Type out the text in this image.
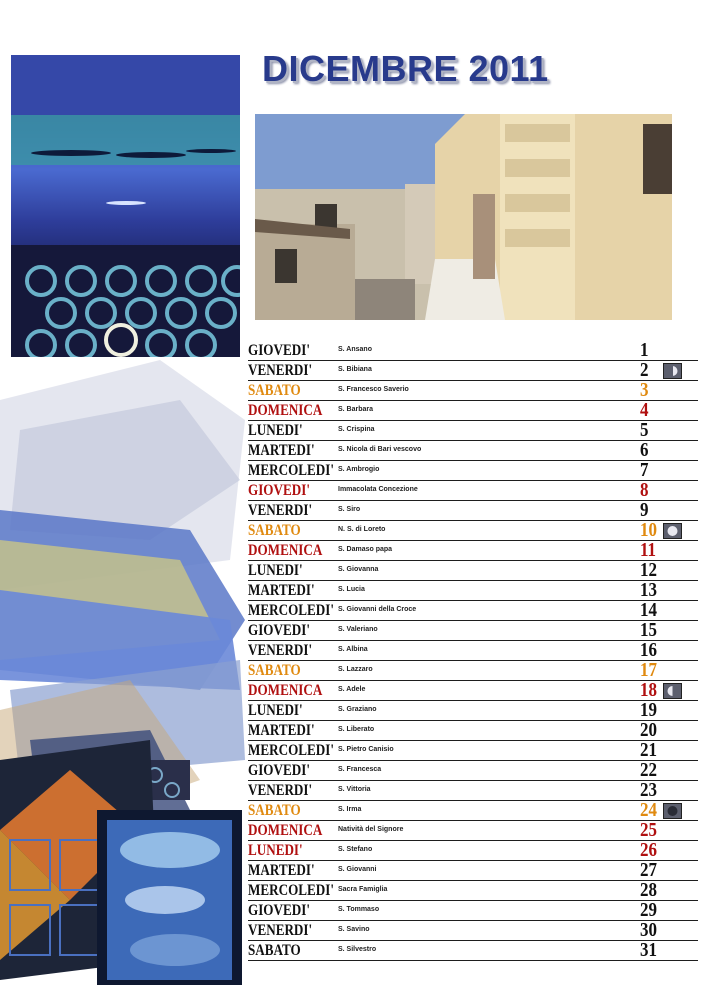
DICEMBRE 2011
GIOVEDI'	S. Ansano	1
VENERDI'	S. Bibiana	2
SABATO	S. Francesco Saverio	3
DOMENICA S. Barbara	4
LUNEDI'	S. Crispina	5
MARTEDI'	S. Nicola di Bari vescovo	6
MERCOLEDI' S. Ambrogio	7
GIOVEDI'	Immacolata Concezione	8
VENERDI'	S. Siro	9
SABATO	N. S. di Loreto	10
DOMENICA S. Damaso papa	11
LUNEDI'	S. Giovanna	12
MARTEDI'	S. Lucia	13
MERCOLEDI' S. Giovanni della Croce	14
GIOVEDI'	S. Valeriano	15
VENERDI'	S. Albina	16
SABATO	S. Lazzaro	17
DOMENICA S. Adele	18
LUNEDI'	S. Graziano	19
MARTEDI'	S. Liberato	20
MERCOLEDI' S. Pietro Canisio	21
GIOVEDI'	S. Francesca	22
VENERDI'	S. Vittoria	23
SABATO	S. Irma	24
DOMENICA Natività del Signore	25
LUNEDI'	S. Stefano	26
MARTEDI'	S. Giovanni	27
MERCOLEDI' Sacra Famiglia	28
GIOVEDI'	S. Tommaso	29
VENERDI'	S. Savino	30
SABATO	S. Silvestro	31
